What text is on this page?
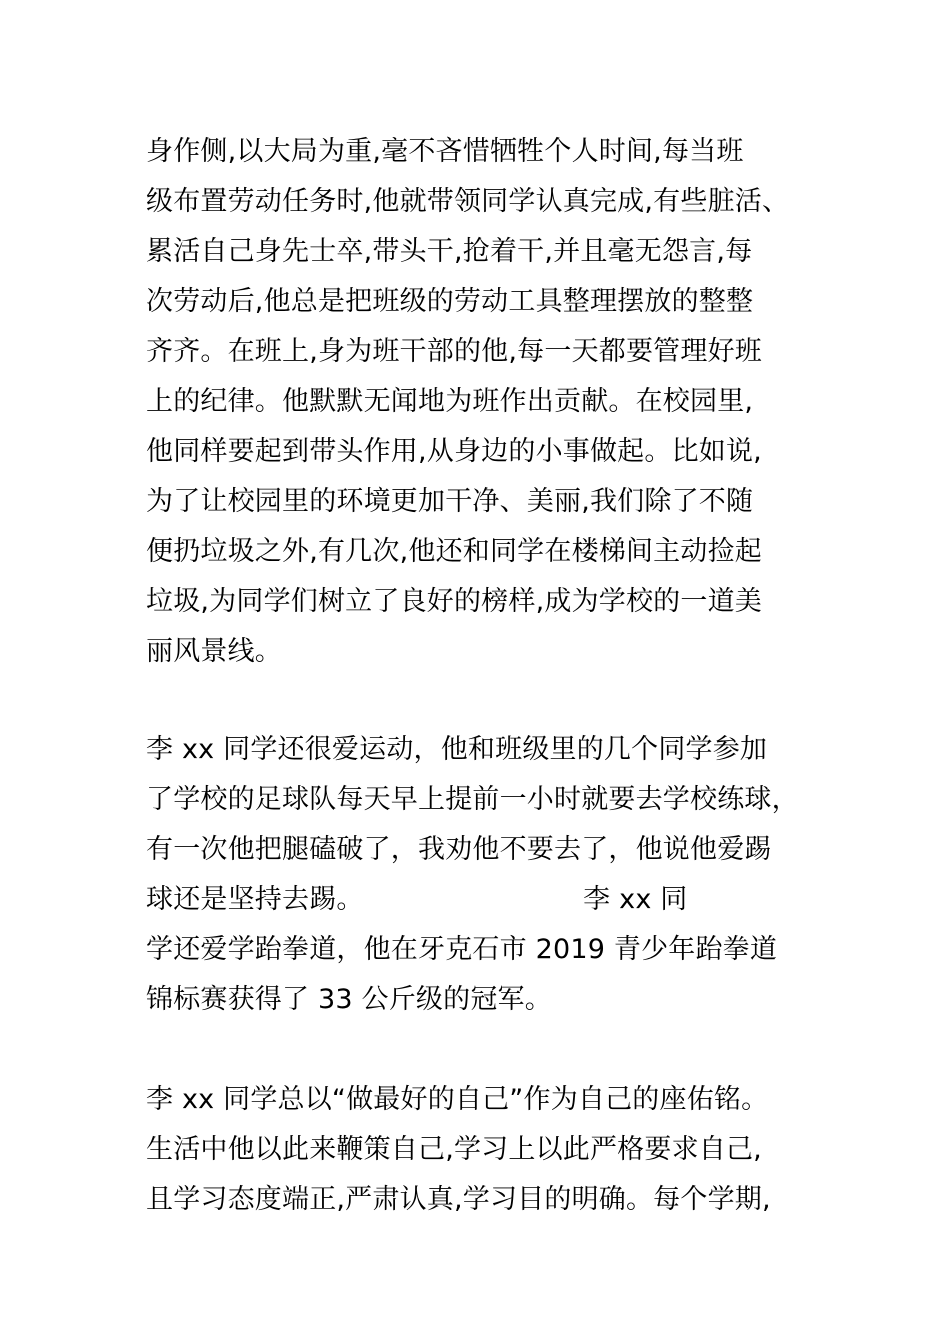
身作侧,以大局为重,毫不吝惜牺牲个人时间,每当班
级布置劳动任务时,他就带领同学认真完成,有些脏活、
累活自己身先士卒,带头干,抢着干,并且毫无怨言,每
次劳动后,他总是把班级的劳动工具整理摆放的整整
齐齐。在班上,身为班干部的他,每一天都要管理好班
上的纪律。他默默无闻地为班作出贡献。在校园里,
他同样要起到带头作用,从身边的小事做起。比如说,
为了让校园里的环境更加干净、美丽,我们除了不随
便扔垃圾之外,有几次,他还和同学在楼梯间主动捡起
垃圾,为同学们树立了良好的榜样,成为学校的一道美
丽风景线。
李 xx 同学还很爱运动，他和班级里的几个同学参加
了学校的足球队每天早上提前一小时就要去学校练球，
有一次他把腿磕破了，我劝他不要去了，他说他爱踢
球还是坚持去踢。                         李 xx 同
学还爱学跆拳道，他在牙克石市 2019 青少年跆拳道
锦标赛获得了 33 公斤级的冠军。
李 xx 同学总以“做最好的自己”作为自己的座佑铭。
生活中他以此来鞭策自己,学习上以此严格要求自己,
且学习态度端正,严肃认真,学习目的明确。每个学期,
